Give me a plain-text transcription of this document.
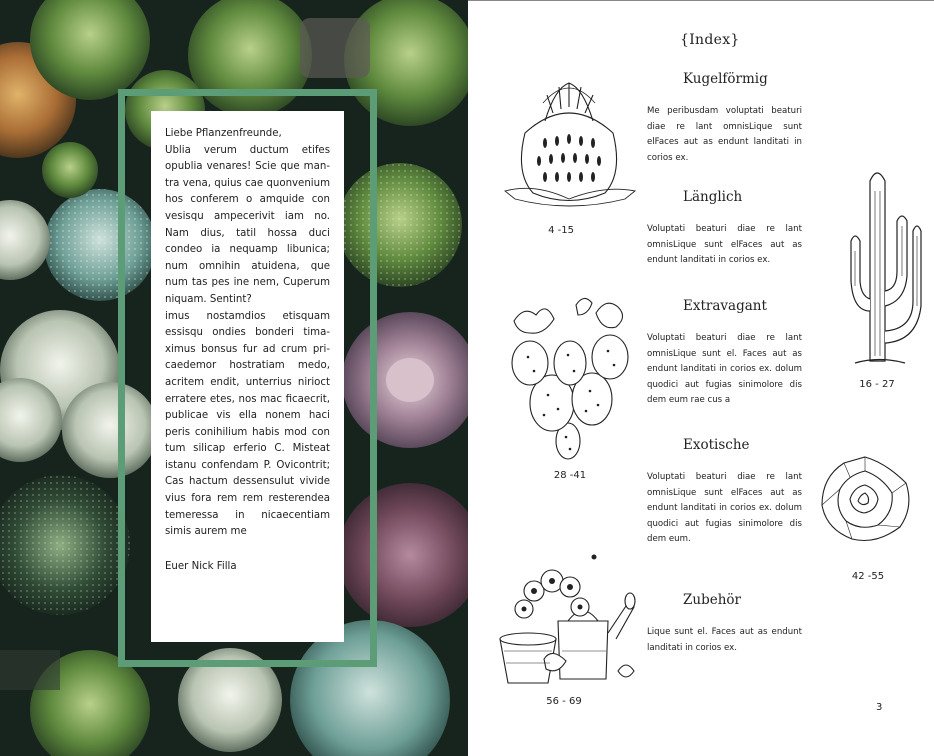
Liebe Pflanzenfreunde,

Ublia verum ductum etifes opublia venares! Scie que mantra vena, quius cae quonvenium hos conferem o amquide con vesisqu ampecerivit iam no. Nam dius, tatil hossa duci condeo ia nequamp libunica; num omnihin atuidena, que num tas pes ine nem, Cuperum niquam. Sentint?

imus nostamdios etisquam essisqu ondies bonderi timaximus bonsus fur ad crum pricaedemor hostratiam medo, acritem endit, unterrius nirioct erratere etes, nos mac ficaecrit, publicae vis ella nonem haci peris conihilium habis mod con tum silicap erferio C. Misteat istanu confendam P. Ovicontrit; Cas hactum dessensulut vivide vius fora rem rem resterendea temeressa in nicaecentiam simis aurem me

Euer Nick Filla

{Index}
Kugelförmig
Me peribusdam voluptati beaturi diae re lant omnisLique sunt elFaces aut as endunt landitati in corios ex.
4 -15
Länglich
Voluptati beaturi diae re lant omnisLique sunt elFaces aut as endunt landitati in corios ex.
16 - 27
Extravagant
Voluptati beaturi diae re lant omnisLique sunt el. Faces aut as endunt landitati in corios ex. dolum quodici aut fugias sinimolore dis dem eum rae cus a
28 -41
Exotische
Voluptati beaturi diae re lant omnisLique sunt elFaces aut as endunt landitati in corios ex. dolum quodici aut fugias sinimolore dis dem eum.
42 -55
Zubehör
Lique sunt el. Faces aut as endunt landitati in corios ex.
56 - 69
3
